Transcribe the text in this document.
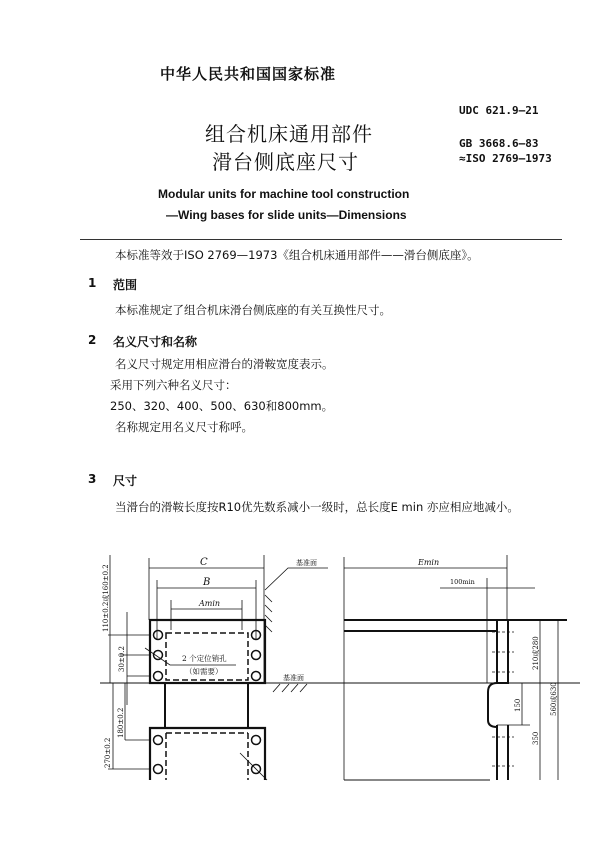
中华人民共和国国家标准
组合机床通用部件
滑台侧底座尺寸
UDC 621.9—21
GB 3668.6—83
≈ISO 2769—1973
Modular units for machine tool construction
—Wing bases for slide units—Dimensions
本标准等效于ISO 2769—1973《组合机床通用部件——滑台侧底座》。
1 范围
本标准规定了组合机床滑台侧底座的有关互换性尺寸。
2 名义尺寸和名称
名义尺寸规定用相应滑台的滑鞍宽度表示。
采用下列六种名义尺寸：
250、320、400、500、630和800mm。
名称规定用名义尺寸称呼。
3 尺寸
当滑台的滑鞍长度按R10优先数系减小一级时，总长度E min 亦应相应地减小。
C
B
Amin
基准面
基准面
2 个定位销孔
（如需要）
110±0.2或160±0.2
30±0.2
180±0.2
270±0.2
Emin
100min
210或280
150
350
560或630
